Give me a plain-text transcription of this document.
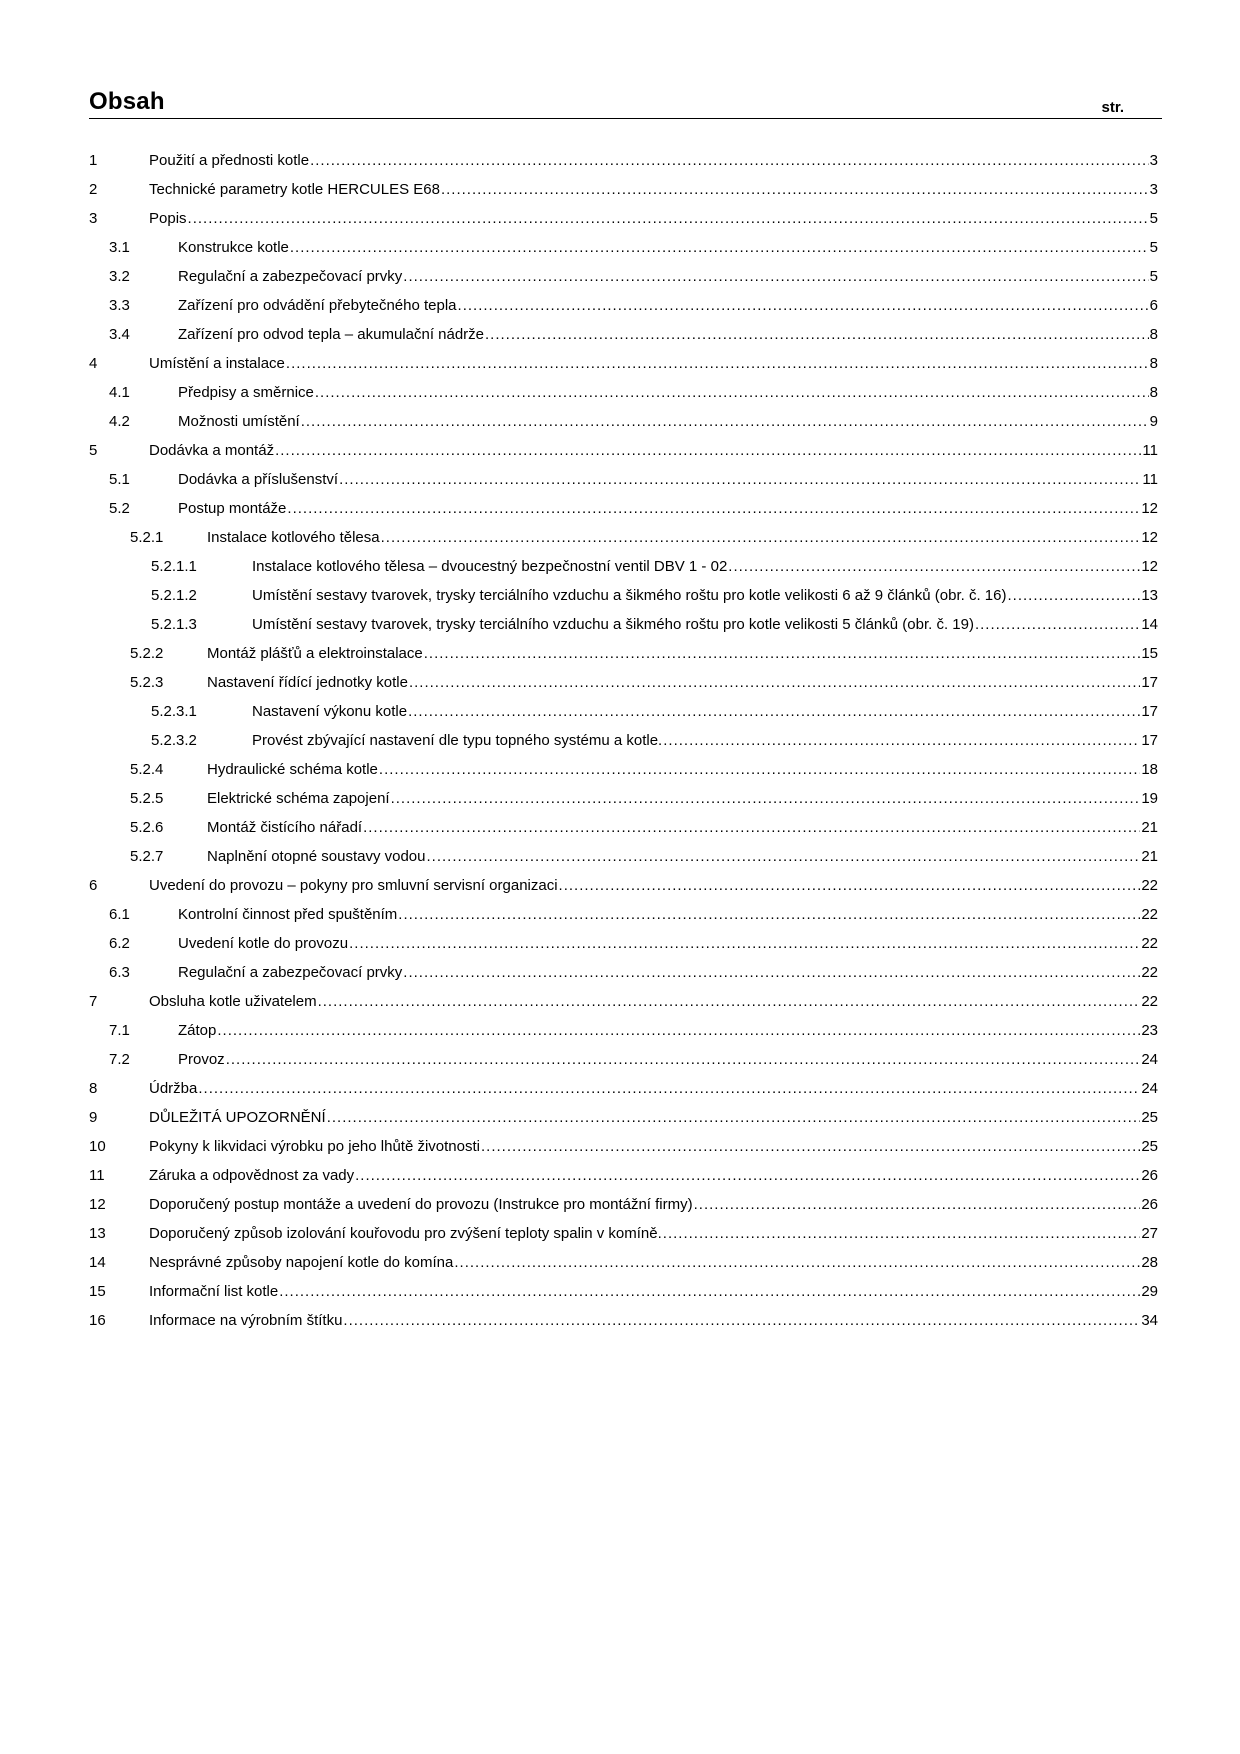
Obsah	str.
1	Použití a přednosti kotle .....	3
2	Technické parametry kotle HERCULES E68 .....	3
3	Popis .....	5
3.1	Konstrukce kotle .....	5
3.2	Regulační a zabezpečovací prvky .....	5
3.3	Zařízení pro odvádění přebytečného tepla .....	6
3.4	Zařízení pro odvod tepla – akumulační nádrže .....	8
4	Umístění a instalace .....	8
4.1	Předpisy a směrnice .....	8
4.2	Možnosti umístění .....	9
5	Dodávka a montáž .....	11
5.1	Dodávka a příslušenství .....	11
5.2	Postup montáže .....	12
5.2.1	Instalace kotlového tělesa .....	12
5.2.1.1	Instalace kotlového tělesa – dvoucestný bezpečnostní ventil DBV 1 - 02 .....	12
5.2.1.2	Umístění sestavy tvarovek, trysky terciálního vzduchu a šikmého roštu pro kotle velikosti 6 až 9 článků (obr. č. 16) .....	13
5.2.1.3	Umístění sestavy tvarovek, trysky terciálního vzduchu a šikmého roštu pro kotle velikosti 5 článků (obr. č. 19) .....	14
5.2.2	Montáž plášťů a elektroinstalace .....	15
5.2.3	Nastavení řídící jednotky kotle .....	17
5.2.3.1	Nastavení výkonu kotle .....	17
5.2.3.2	Provést zbývající nastavení dle typu topného systému a kotle. .....	17
5.2.4	Hydraulické schéma kotle .....	18
5.2.5	Elektrické schéma zapojení .....	19
5.2.6	Montáž čistícího nářadí .....	21
5.2.7	Naplnění otopné soustavy vodou .....	21
6	Uvedení do provozu – pokyny pro smluvní servisní organizaci .....	22
6.1	Kontrolní činnost před spuštěním .....	22
6.2	Uvedení kotle do provozu .....	22
6.3	Regulační a zabezpečovací prvky .....	22
7	Obsluha kotle uživatelem .....	22
7.1	Zátop .....	23
7.2	Provoz .....	24
8	Údržba .....	24
9	DŮLEŽITÁ UPOZORNĚNÍ .....	25
10	Pokyny k likvidaci výrobku po jeho lhůtě životnosti .....	25
11	Záruka a odpovědnost za vady .....	26
12	Doporučený postup montáže a uvedení do provozu (Instrukce pro montážní firmy) .....	26
13	Doporučený způsob izolování kouřovodu pro zvýšení teploty spalin v komíně. .....	27
14	Nesprávné způsoby napojení kotle do komína .....	28
15	Informační list kotle .....	29
16	Informace na výrobním štítku .....	34
